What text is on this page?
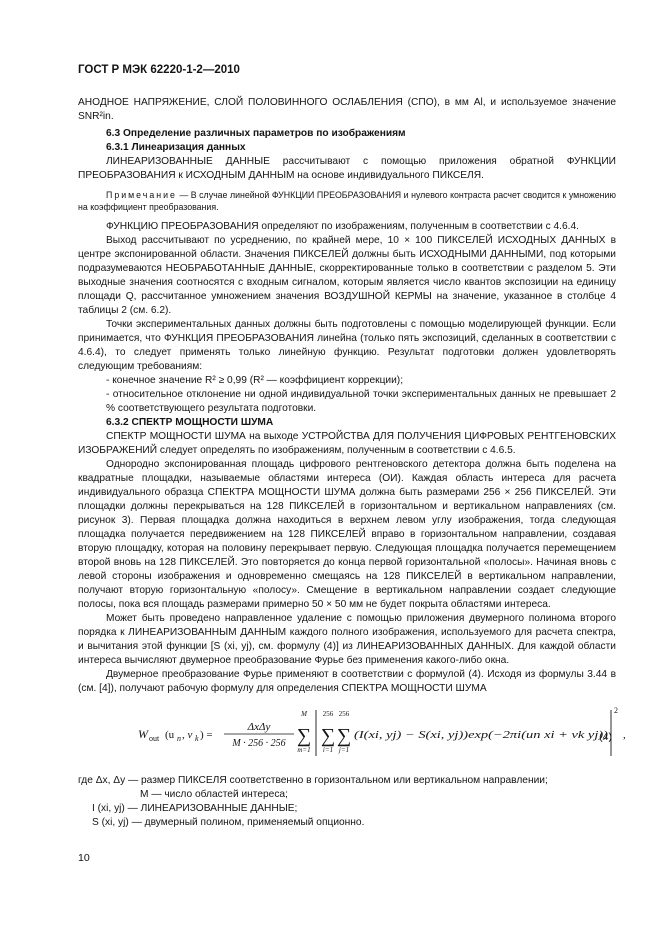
ГОСТ Р МЭК 62220-1-2—2010

АНОДНОЕ НАПРЯЖЕНИЕ, СЛОЙ ПОЛОВИННОГО ОСЛАБЛЕНИЯ (СПО), в мм Al, и используемое значение SNR²in.

6.3 Определение различных параметров по изображениям

6.3.1 Линеаризация данных

ЛИНЕАРИЗОВАННЫЕ ДАННЫЕ рассчитывают с помощью приложения обратной ФУНКЦИИ ПРЕОБРАЗОВАНИЯ к ИСХОДНЫМ ДАННЫМ на основе индивидуального ПИКСЕЛЯ.

Примечание — В случае линейной ФУНКЦИИ ПРЕОБРАЗОВАНИЯ и нулевого контраста расчет сводится к умножению на коэффициент преобразования.

ФУНКЦИЮ ПРЕОБРАЗОВАНИЯ определяют по изображениям, полученным в соответствии с 4.6.4.

Выход рассчитывают по усреднению, по крайней мере, 10 × 100 ПИКСЕЛЕЙ ИСХОДНЫХ ДАННЫХ в центре экспонированной области. Значения ПИКСЕЛЕЙ должны быть ИСХОДНЫМИ ДАННЫМИ, под которыми подразумеваются НЕОБРАБОТАННЫЕ ДАННЫЕ, скорректированные только в соответствии с разделом 5. Эти выходные значения соотносятся с входным сигналом, которым является число квантов экспозиции на единицу площади Q, рассчитанное умножением значения ВОЗДУШНОЙ КЕРМЫ на значение, указанное в столбце 4 таблицы 2 (см. 6.2).

Точки экспериментальных данных должны быть подготовлены с помощью моделирующей функции. Если принимается, что ФУНКЦИЯ ПРЕОБРАЗОВАНИЯ линейна (только пять экспозиций, сделанных в соответствии с 4.6.4), то следует применять только линейную функцию. Результат подготовки должен удовлетворять следующим требованиям:

- конечное значение R² ≥ 0,99 (R² — коэффициент коррекции);

- относительное отклонение ни одной индивидуальной точки экспериментальных данных не превышает 2 % соответствующего результата подготовки.

6.3.2 СПЕКТР МОЩНОСТИ ШУМА

СПЕКТР МОЩНОСТИ ШУМА на выходе УСТРОЙСТВА ДЛЯ ПОЛУЧЕНИЯ ЦИФРОВЫХ РЕНТГЕНОВСКИХ ИЗОБРАЖЕНИЙ следует определять по изображениям, полученным в соответствии с 4.6.5.

Однородно экспонированная площадь цифрового рентгеновского детектора должна быть поделена на квадратные площадки, называемые областями интереса (ОИ). Каждая область интереса для расчета индивидуального образца СПЕКТРА МОЩНОСТИ ШУМА должна быть размерами 256 × 256 ПИКСЕЛЕЙ. Эти площадки должны перекрываться на 128 ПИКСЕЛЕЙ в горизонтальном и вертикальном направлениях (см. рисунок 3). Первая площадка должна находиться в верхнем левом углу изображения, тогда следующая площадка получается передвижением на 128 ПИКСЕЛЕЙ вправо в горизонтальном направлении, создавая вторую площадку, которая на половину перекрывает первую. Следующая площадка получается перемещением второй вновь на 128 ПИКСЕЛЕЙ. Это повторяется до конца первой горизонтальной «полосы». Начиная вновь с левой стороны изображения и одновременно смещаясь на 128 ПИКСЕЛЕЙ в вертикальном направлении, получают вторую горизонтальную «полосу». Смещение в вертикальном направлении создает следующие полосы, пока вся площадь размерами примерно 50 × 50 мм не будет покрыта областями интереса.

Может быть проведено направленное удаление с помощью приложения двумерного полинома второго порядка к ЛИНЕАРИЗОВАННЫМ ДАННЫМ каждого полного изображения, используемого для расчета спектра, и вычитания этой функции [S (xi, yj), см. формулу (4)] из ЛИНЕАРИЗОВАННЫХ ДАННЫХ. Для каждой области интереса вычисляют двумерное преобразование Фурье без применения какого-либо окна.

Двумерное преобразование Фурье применяют в соответствии с формулой (4). Исходя из формулы 3.44 в (см. [4]), получают рабочую формулу для определения СПЕКТРА МОЩНОСТИ ШУМА

W out (u n , v k ) =
ΔxΔy
M · 256 · 256
M
∑
m=1
256
∑
i=1
256
∑
j=1
(I(xi, yj) − S(xi, yj))exp(−2πi(un xi + vk yj))
2
,
(4)

где Δx, Δy — размер ПИКСЕЛЯ соответственно в горизонтальном или вертикальном направлении;

M — число областей интереса;

I (xi, yj) — ЛИНЕАРИЗОВАННЫЕ ДАННЫЕ;

S (xi, yj) — двумерный полином, применяемый опционно.

10
